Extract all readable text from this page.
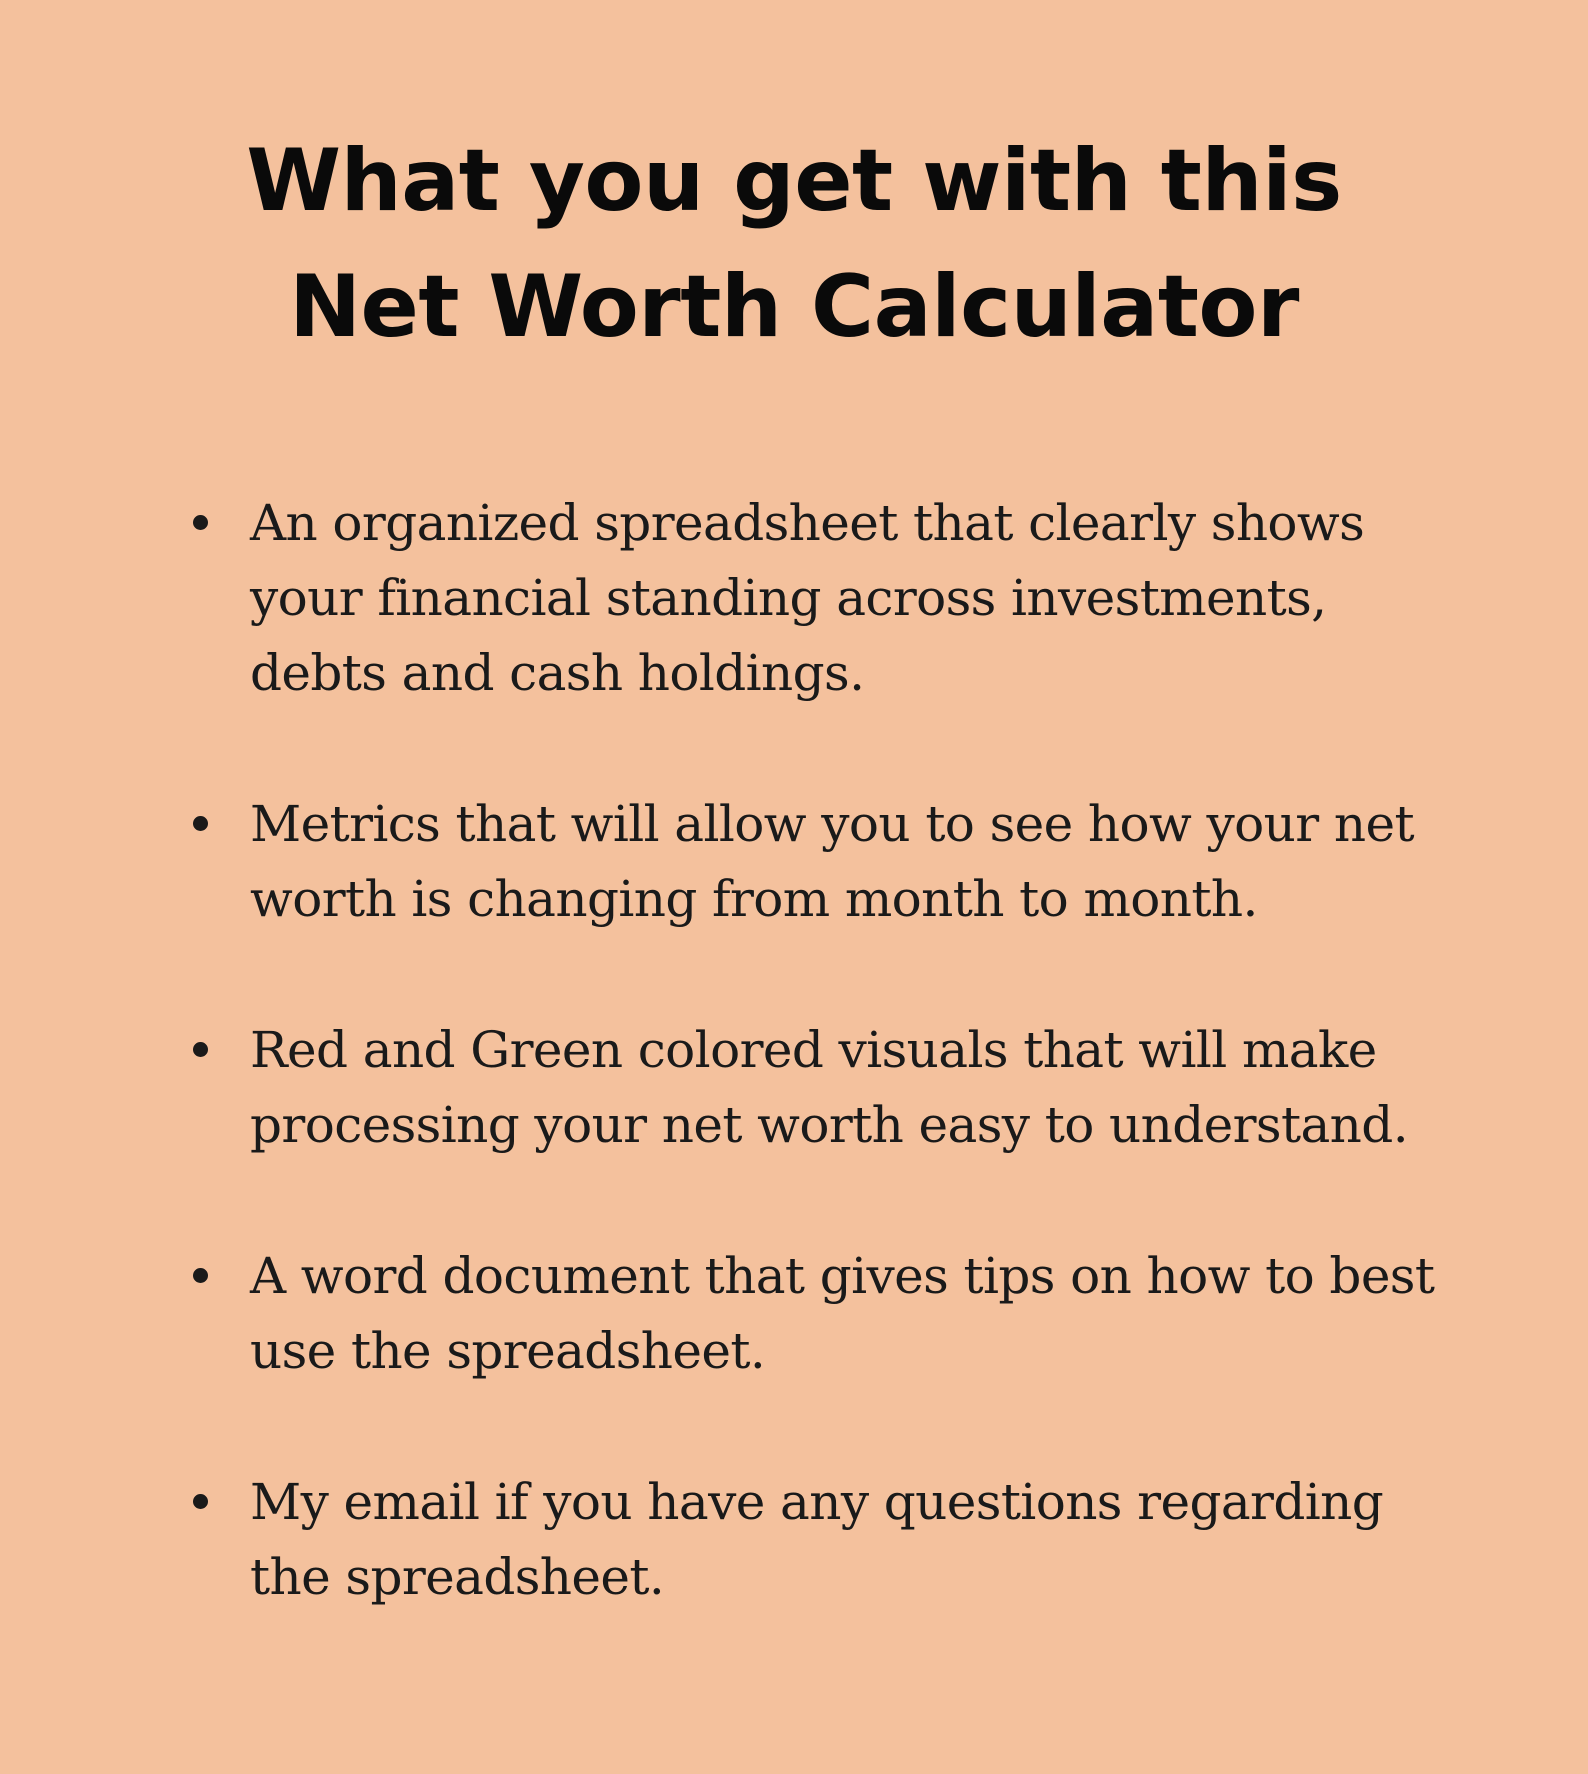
What you get with this
Net Worth Calculator
An organized spreadsheet that clearly shows your financial standing across investments, debts and cash holdings.
Metrics that will allow you to see how your net worth is changing from month to month.
Red and Green colored visuals that will make processing your net worth easy to understand.
A word document that gives tips on how to best use the spreadsheet.
My email if you have any questions regarding the spreadsheet.
